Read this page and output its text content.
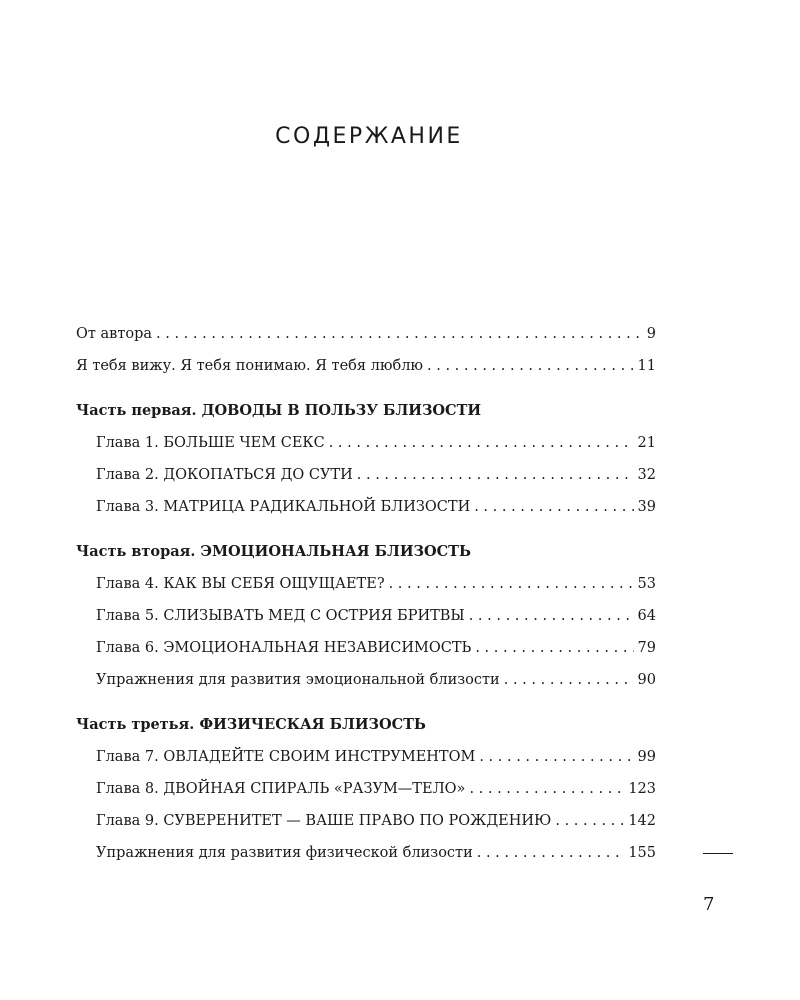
СОДЕРЖАНИЕ
От автора . . .	9
Я тебя вижу. Я тебя понимаю. Я тебя люблю . . .	11
Часть первая. ДОВОДЫ В ПОЛЬЗУ БЛИЗОСТИ
Глава 1. БОЛЬШЕ ЧЕМ СЕКС . . .	21
Глава 2. ДОКОПАТЬСЯ ДО СУТИ . . .	32
Глава 3. МАТРИЦА РАДИКАЛЬНОЙ БЛИЗОСТИ . . .	39
Часть вторая. ЭМОЦИОНАЛЬНАЯ БЛИЗОСТЬ
Глава 4. КАК ВЫ СЕБЯ ОЩУЩАЕТЕ? . . .	53
Глава 5. СЛИЗЫВАТЬ МЕД С ОСТРИЯ БРИТВЫ . . .	64
Глава 6. ЭМОЦИОНАЛЬНАЯ НЕЗАВИСИМОСТЬ . . .	79
Упражнения для развития эмоциональной близости . . .	90
Часть третья. ФИЗИЧЕСКАЯ БЛИЗОСТЬ
Глава 7. ОВЛАДЕЙТЕ СВОИМ ИНСТРУМЕНТОМ . . .	99
Глава 8. ДВОЙНАЯ СПИРАЛЬ «РАЗУМ—ТЕЛО» . . .	123
Глава 9. СУВЕРЕНИТЕТ — ВАШЕ ПРАВО ПО РОЖДЕНИЮ . . .	142
Упражнения для развития физической близости . . .	155
7
